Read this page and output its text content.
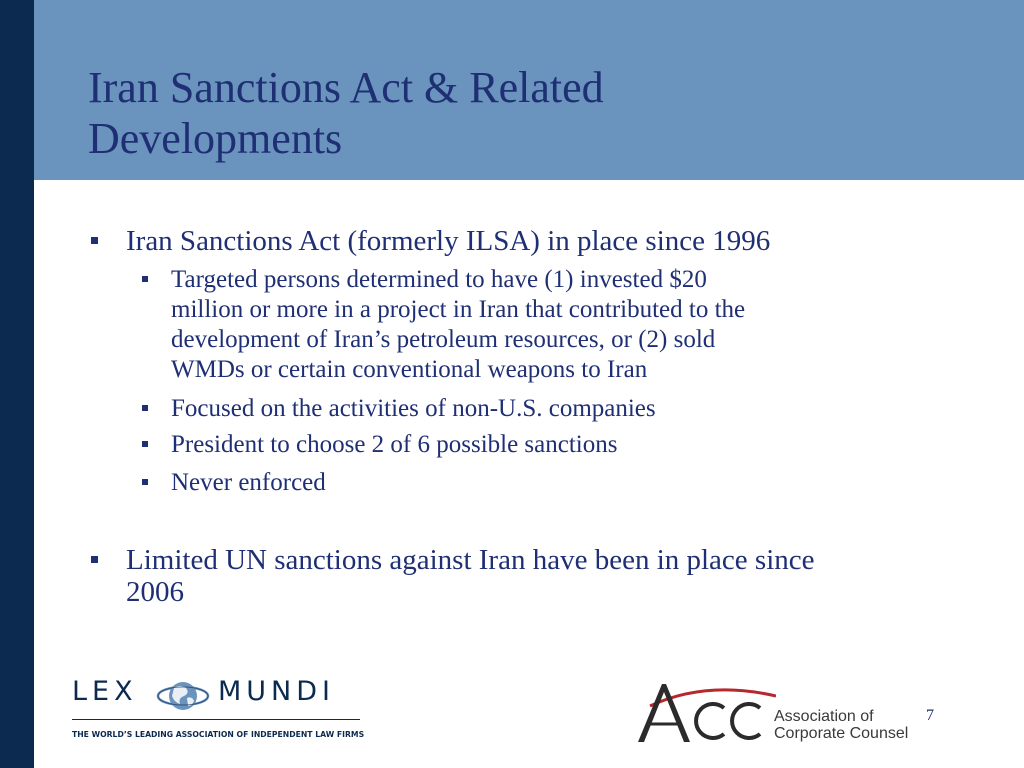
Iran Sanctions Act & Related
Developments
Iran Sanctions Act (formerly ILSA) in place since 1996
Targeted persons determined to have (1) invested $20
million or more in a project in Iran that contributed to the
development of Iran’s petroleum resources, or (2) sold
WMDs or certain conventional weapons to Iran
Focused on the activities of non-U.S. companies
President to choose 2 of 6 possible sanctions
Never enforced
Limited UN sanctions against Iran have been in place since
2006
LEX	MUNDI
THE WORLD’S LEADING ASSOCIATION OF INDEPENDENT LAW FIRMS
Association of
Corporate Counsel
7
